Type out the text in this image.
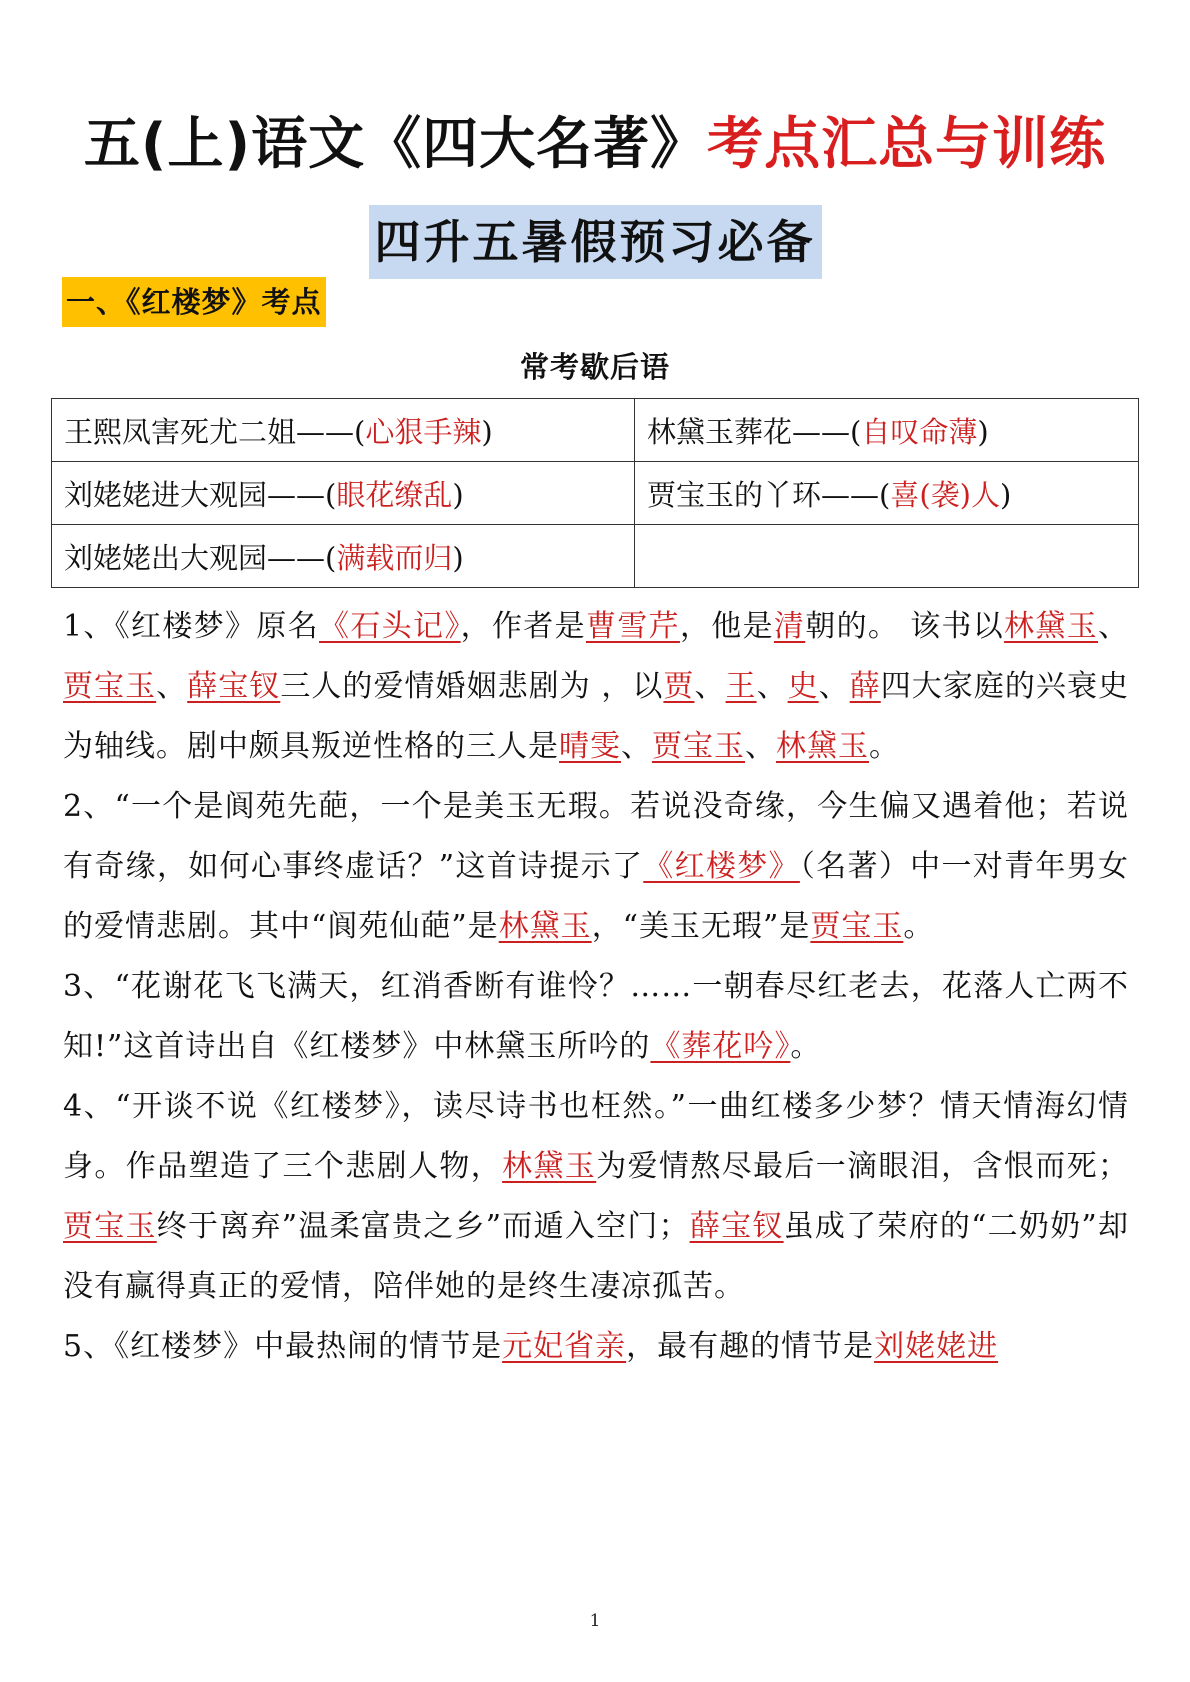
五(上)语文《四大名著》考点汇总与训练
四升五暑假预习必备
一、《红楼梦》考点
常考歇后语
王熙凤害死尤二姐——(心狠手辣)	林黛玉葬花——(自叹命薄)
刘姥姥进大观园——(眼花缭乱)	贾宝玉的丫环——(喜(袭)人)
刘姥姥出大观园——(满载而归)	

1、《红楼梦》原名《石头记》，作者是曹雪芹，他是清朝的。 该书以林黛玉、贾宝玉、薛宝钗三人的爱情婚姻悲剧为 ，以贾、王、史、薛四大家庭的兴衰史为轴线。剧中颇具叛逆性格的三人是晴雯、贾宝玉、林黛玉。

2、“一个是阆苑先葩，一个是美玉无瑕。若说没奇缘，今生偏又遇着他；若说有奇缘，如何心事终虚话？”这首诗提示了《红楼梦》（名著）中一对青年男女的爱情悲剧。其中“阆苑仙葩”是林黛玉，“美玉无瑕”是贾宝玉。

3、“花谢花飞飞满天，红消香断有谁怜？……一朝春尽红老去，花落人亡两不知!”这首诗出自《红楼梦》中林黛玉所吟的《葬花吟》。

4、“开谈不说《红楼梦》，读尽诗书也枉然。”一曲红楼多少梦？情天情海幻情身。作品塑造了三个悲剧人物，林黛玉为爱情熬尽最后一滴眼泪，含恨而死；贾宝玉终于离弃”温柔富贵之乡”而遁入空门；薛宝钗虽成了荣府的“二奶奶”却没有赢得真正的爱情，陪伴她的是终生凄凉孤苦。

5、《红楼梦》中最热闹的情节是元妃省亲，最有趣的情节是刘姥姥进

1
